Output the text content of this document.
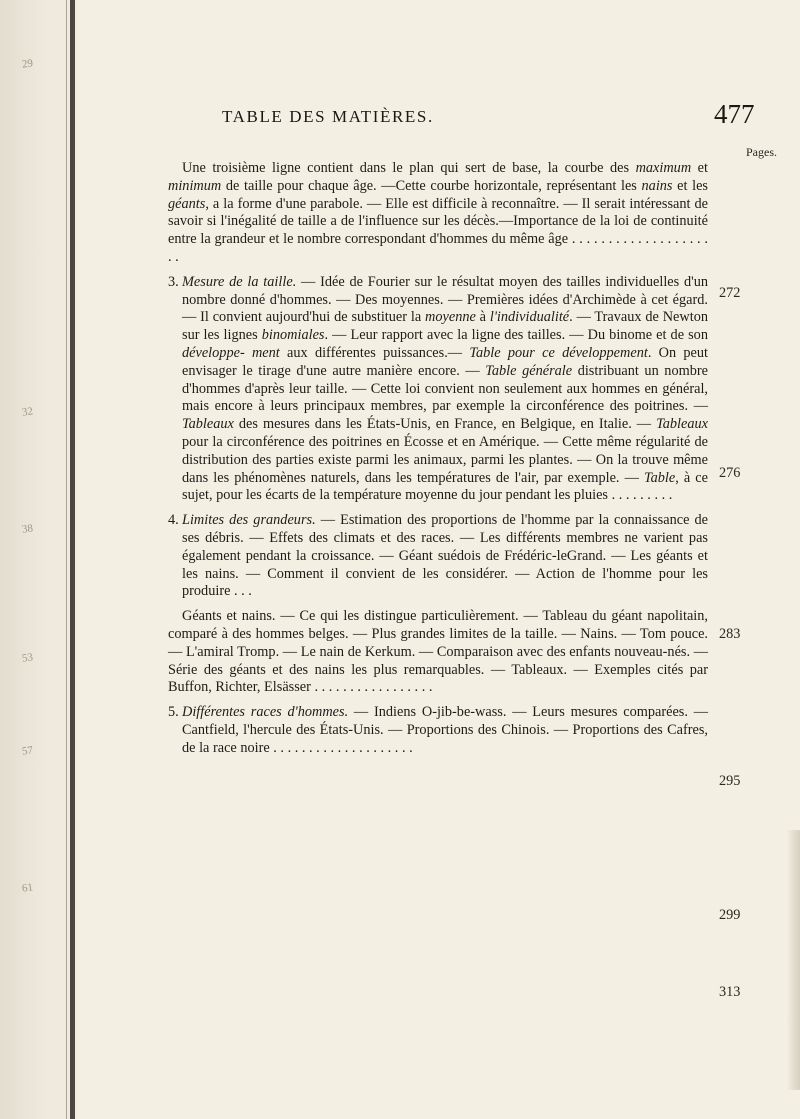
29
32
38
53
57
61
TABLE DES MATIÈRES.	477
Pages.
Une troisième ligne contient dans le plan qui sert de base, la courbe des maximum et minimum de taille pour chaque âge. —Cette courbe horizontale, représentant les nains et les géants, a la forme d'une parabole. — Elle est difficile à reconnaître. — Il serait intéressant de savoir si l'inégalité de taille a de l'influence sur les décès.—Importance de la loi de continuité entre la grandeur et le nombre correspondant d'hommes du même âge . . . . . . . . . . . . . . . . . . . . .
3. Mesure de la taille. — Idée de Fourier sur le résultat moyen des tailles individuelles d'un nombre donné d'hommes. — Des moyennes. — Premières idées d'Archimède à cet égard. — Il convient aujourd'hui de substituer la moyenne à l'individualité. — Travaux de Newton sur les lignes binomiales. — Leur rapport avec la ligne des tailles. — Du binome et de son développe- ment aux différentes puissances.— Table pour ce développement. On peut envisager le tirage d'une autre manière encore. — Table générale distribuant un nombre d'hommes d'après leur taille. — Cette loi convient non seulement aux hommes en général, mais encore à leurs principaux membres, par exemple la circonférence des poitrines. — Tableaux des mesures dans les États-Unis, en France, en Belgique, en Italie. — Tableaux pour la circonférence des poitrines en Écosse et en Amérique. — Cette même régularité de distribution des parties existe parmi les animaux, parmi les plantes. — On la trouve même dans les phénomènes naturels, dans les températures de l'air, par exemple. — Table, à ce sujet, pour les écarts de la température moyenne du jour pendant les pluies . . . . . . . . .
4. Limites des grandeurs. — Estimation des proportions de l'homme par la connaissance de ses débris. — Effets des climats et des races. — Les différents membres ne varient pas également pendant la croissance. — Géant suédois de Frédéric-leGrand. — Les géants et les nains. — Comment il convient de les considérer. — Action de l'homme pour les produire . . .
Géants et nains. — Ce qui les distingue particulièrement. — Tableau du géant napolitain, comparé à des hommes belges. — Plus grandes limites de la taille. — Nains. — Tom pouce. — L'amiral Tromp. — Le nain de Kerkum. — Comparaison avec des enfants nouveau-nés. — Série des géants et des nains les plus remarquables. — Tableaux. — Exemples cités par Buffon, Richter, Elsässer . . . . . . . . . . . . . . . . .
5. Différentes races d'hommes. — Indiens O-jib-be-wass. — Leurs mesures comparées. — Cantfield, l'hercule des États-Unis. — Proportions des Chinois. — Proportions des Cafres, de la race noire . . . . . . . . . . . . . . . . . . . .
272
276
283
295
299
313
